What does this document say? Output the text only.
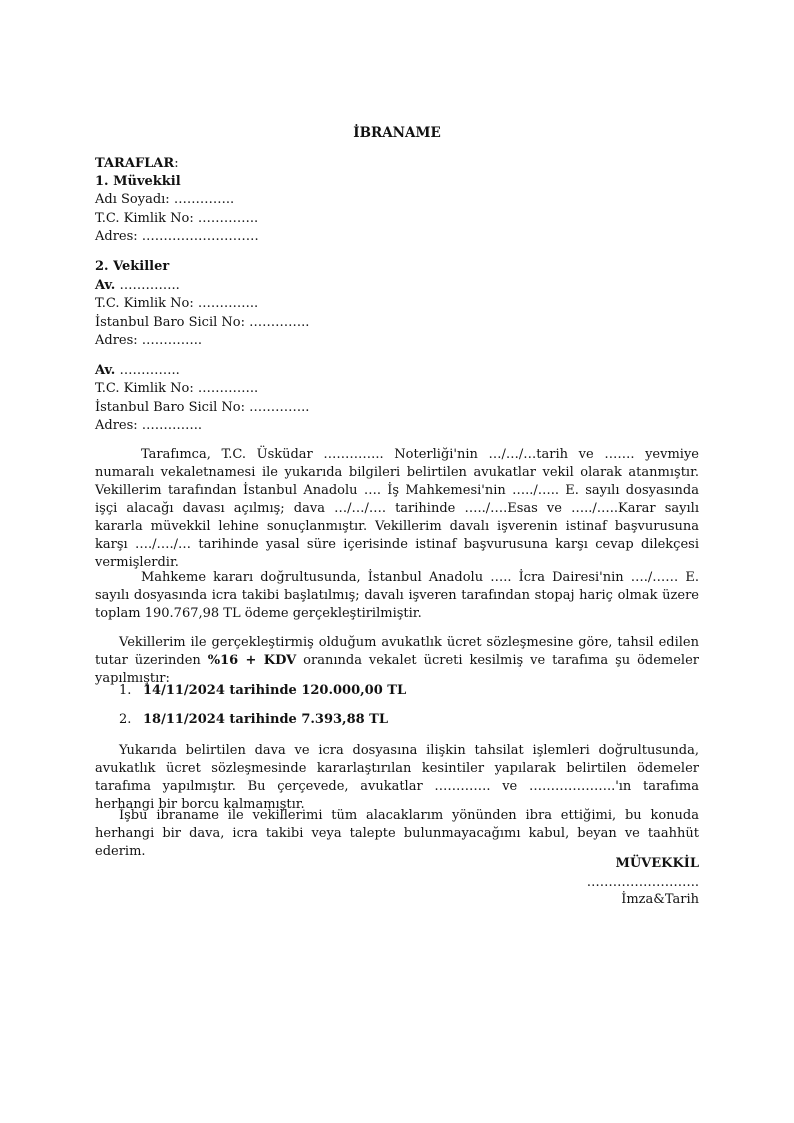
İBRANAME
TARAFLAR:
1. Müvekkil
Adı Soyadı: …………..
T.C. Kimlik No: …………..
Adres: ………………………
2. Vekiller
Av. …………..
T.C. Kimlik No: …………..
İstanbul Baro Sicil No: …………..
Adres: …………..
Av. …………..
T.C. Kimlik No: …………..
İstanbul Baro Sicil No: …………..
Adres: …………..
Tarafımca, T.C. Üsküdar ………….. Noterliği'nin …/…/…tarih ve ……. yevmiye numaralı vekaletnamesi ile yukarıda bilgileri belirtilen avukatlar vekil olarak atanmıştır. Vekillerim tarafından İstanbul Anadolu …. İş Mahkemesi'nin …../….. E. sayılı dosyasında işçi alacağı davası açılmış; dava …/…/…. tarihinde …../….Esas ve …../…..Karar sayılı kararla müvekkil lehine sonuçlanmıştır. Vekillerim davalı işverenin istinaf başvurusuna karşı …./…./… tarihinde yasal süre içerisinde istinaf başvurusuna karşı cevap dilekçesi vermişlerdir.
Mahkeme kararı doğrultusunda, İstanbul Anadolu ….. İcra Dairesi'nin …./…… E. sayılı dosyasında icra takibi başlatılmış; davalı işveren tarafından stopaj hariç olmak üzere toplam 190.767,98 TL ödeme gerçekleştirilmiştir.
Vekillerim ile gerçekleştirmiş olduğum avukatlık ücret sözleşmesine göre, tahsil edilen tutar üzerinden %16 + KDV oranında vekalet ücreti kesilmiş ve tarafıma şu ödemeler yapılmıştır:
1. 14/11/2024 tarihinde 120.000,00 TL
2. 18/11/2024 tarihinde 7.393,88 TL
Yukarıda belirtilen dava ve icra dosyasına ilişkin tahsilat işlemleri doğrultusunda, avukatlık ücret sözleşmesinde kararlaştırılan kesintiler yapılarak belirtilen ödemeler tarafıma yapılmıştır. Bu çerçevede, avukatlar …………. ve ………………..'ın tarafıma herhangi bir borcu kalmamıştır.
İşbu ibraname ile vekillerimi tüm alacaklarım yönünden ibra ettiğimi, bu konuda herhangi bir dava, icra takibi veya talepte bulunmayacağımı kabul, beyan ve taahhüt ederim.
MÜVEKKİL
……………………..
İmza&Tarih
